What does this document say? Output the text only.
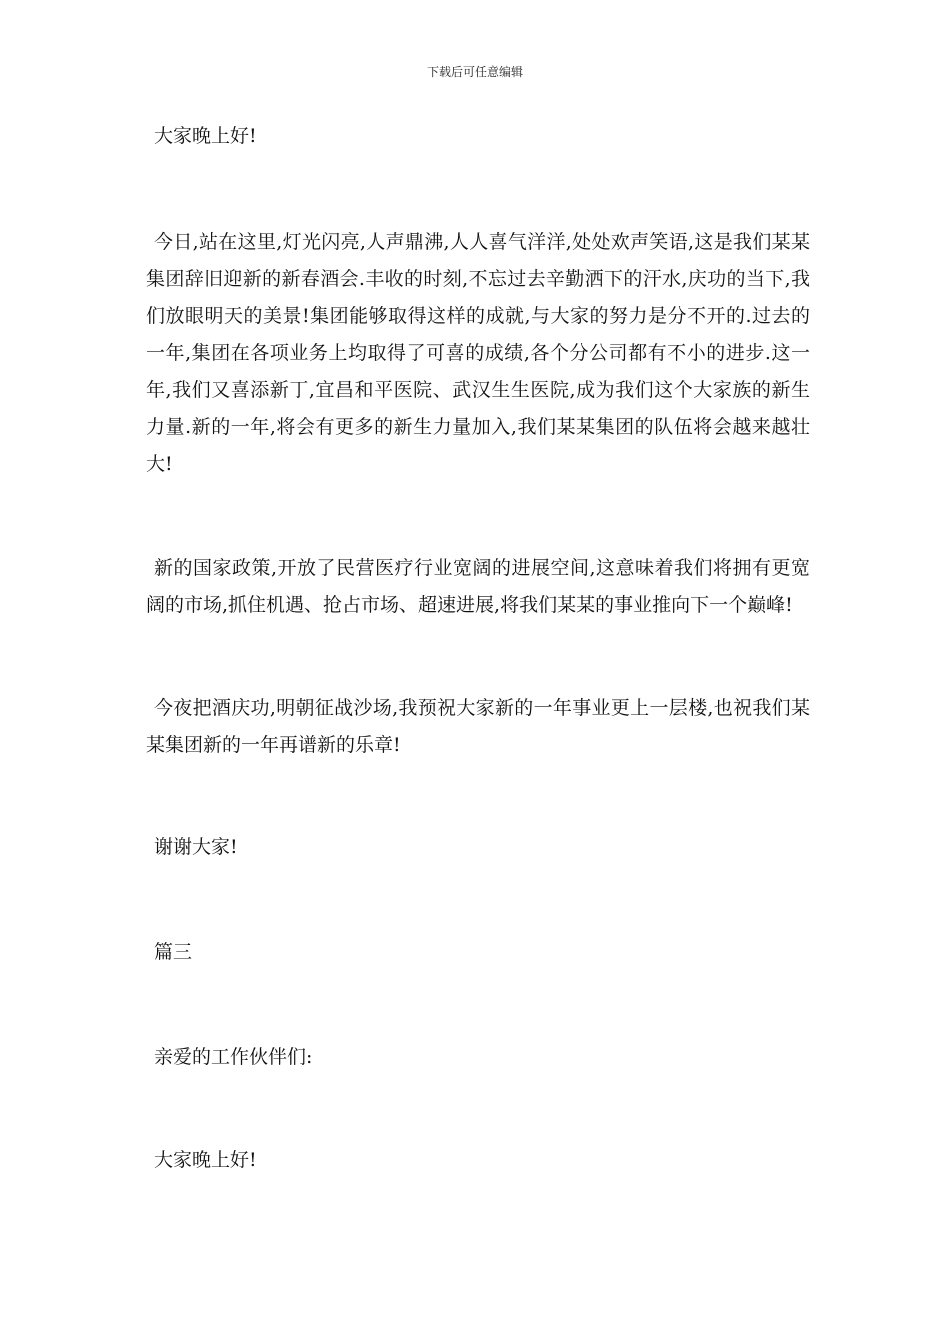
下载后可任意编辑

大家晚上好!

今日,站在这里,灯光闪亮,人声鼎沸,人人喜气洋洋,处处欢声笑语,这是我们某某集团辞旧迎新的新春酒会.丰收的时刻,不忘过去辛勤洒下的汗水,庆功的当下,我们放眼明天的美景!集团能够取得这样的成就,与大家的努力是分不开的.过去的一年,集团在各项业务上均取得了可喜的成绩,各个分公司都有不小的进步.这一年,我们又喜添新丁,宜昌和平医院、武汉生生医院,成为我们这个大家族的新生力量.新的一年,将会有更多的新生力量加入,我们某某集团的队伍将会越来越壮大!

新的国家政策,开放了民营医疗行业宽阔的进展空间,这意味着我们将拥有更宽阔的市场,抓住机遇、抢占市场、超速进展,将我们某某的事业推向下一个巅峰!

今夜把酒庆功,明朝征战沙场,我预祝大家新的一年事业更上一层楼,也祝我们某某集团新的一年再谱新的乐章!

谢谢大家!

篇三

亲爱的工作伙伴们:

大家晚上好!
